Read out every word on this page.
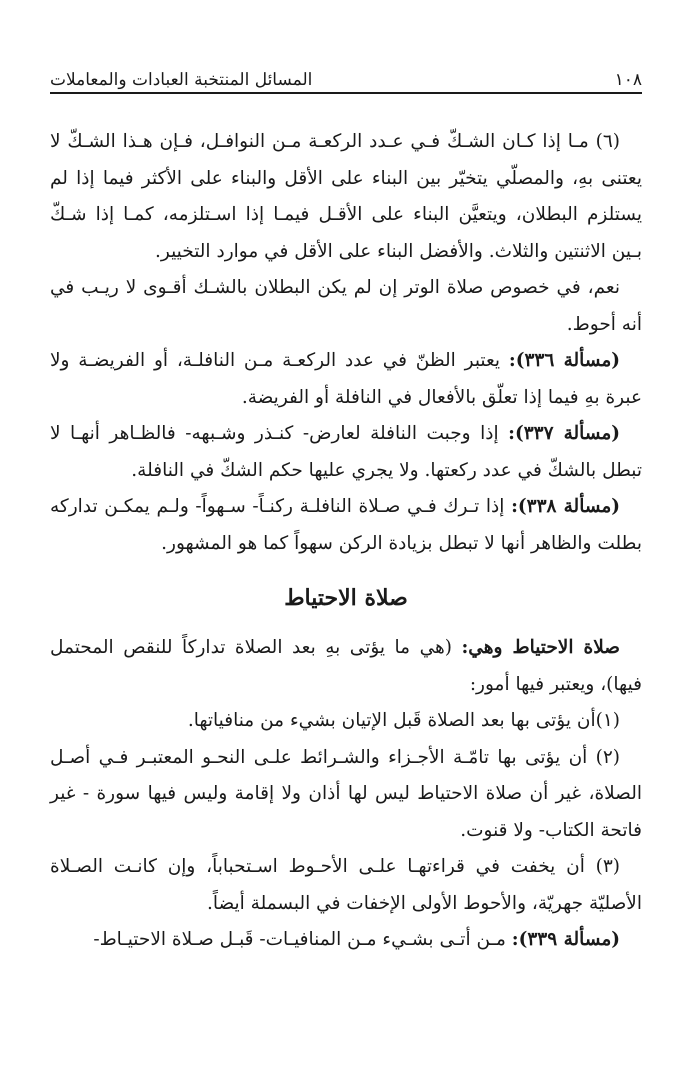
١٠٨
المسائل المنتخبة العبادات والمعاملات

(٦) مـا إذا كـان الشـكّ فـي عـدد الركعـة مـن النوافـل، فـإن هـذا الشـكّ لا يعتنى بهِ، والمصلّي يتخيّر بين البناء على الأقل والبناء على الأكثر فيما إذا لم يستلزم البطلان، ويتعيَّن البناء على الأقـل فيمـا إذا اسـتلزمه، كمـا إذا شـكّ بـين الاثنتين والثلاث. والأفضل البناء على الأقل في موارد التخيير.

نعم، في خصوص صلاة الوتر إن لم يكن البطلان بالشـك أقـوى لا ريـب في أنه أحوط.

(مسألة ٣٣٦): يعتبر الظنّ في عدد الركعـة مـن النافلـة، أو الفريضـة ولا عبرة بهِ فيما إذا تعلّق بالأفعال في النافلة أو الفريضة.

(مسألة ٣٣٧): إذا وجبت النافلة لعارض- كنـذر وشـبهه- فالظـاهر أنهـا لا تبطل بالشكّ في عدد ركعتها. ولا يجري عليها حكم الشكّ في النافلة.

(مسألة ٣٣٨): إذا تـرك فـي صـلاة النافلـة ركنـاً- سـهواً- ولـم يمكـن تداركه بطلت والظاهر أنها لا تبطل بزيادة الركن سهواً كما هو المشهور.

صلاة الاحتياط

صلاة الاحتياط وهي: (هي ما يؤتى بهِ بعد الصلاة تداركاً للنقص المحتمل فيها)، ويعتبر فيها أمور:

(١)أن يؤتى بها بعد الصلاة قَبل الإتيان بشيء من منافياتها.

(٢) أن يؤتى بها تامّـة الأجـزاء والشـرائط علـى النحـو المعتبـر فـي أصـل الصلاة، غير أن صلاة الاحتياط ليس لها أذان ولا إقامة وليس فيها سورة - غير فاتحة الكتاب- ولا قنوت.

(٣) أن يخفت في قراءتهـا علـى الأحـوط اسـتحباباً، وإن كانـت الصـلاة الأصليّة جهريّة، والأحوط الأولى الإخفات في البسملة أيضاً.

(مسألة ٣٣٩): مـن أتـى بشـيء مـن المنافيـات- قَبـل صـلاة الاحتيـاط-
